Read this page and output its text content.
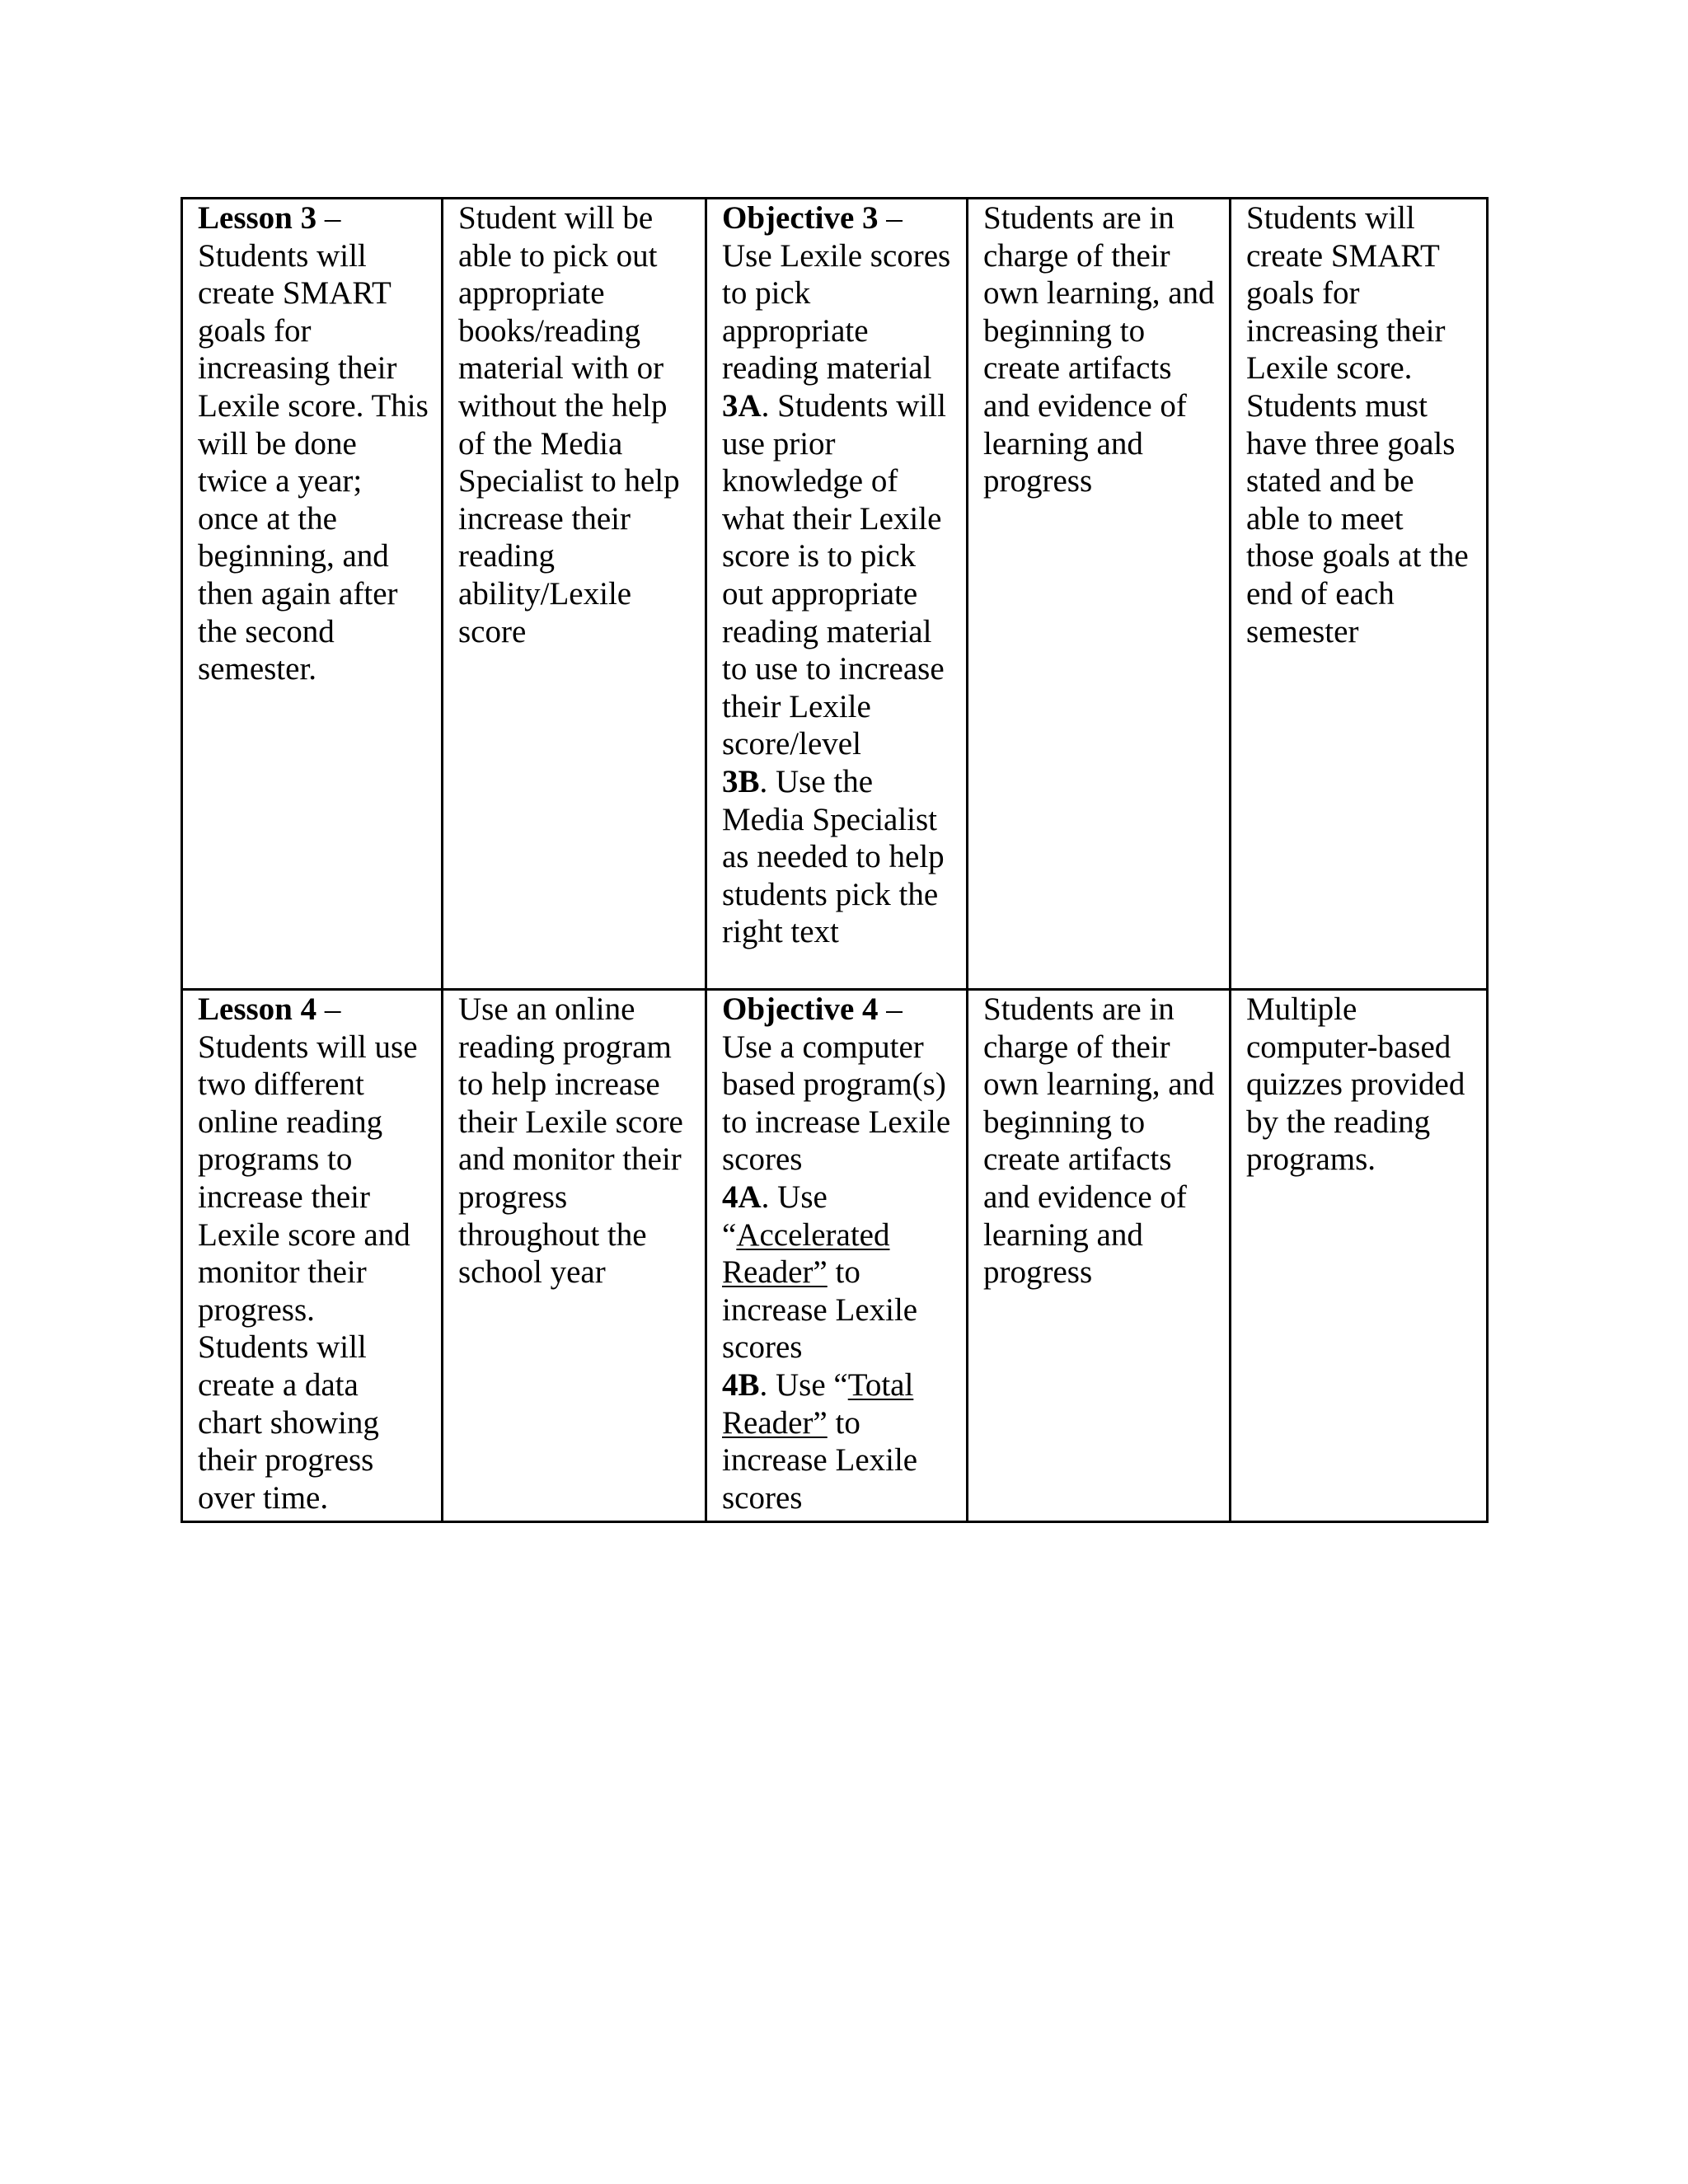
Lesson 3 –
Students will create SMART goals for increasing their Lexile score. This will be done twice a year; once at the beginning, and then again after the second semester.	Student will be able to pick out appropriate books/reading material with or without the help of the Media Specialist to help increase their reading ability/Lexile score	Objective 3 –
Use Lexile scores to pick appropriate reading material
3A. Students will use prior knowledge of what their Lexile score is to pick out appropriate reading material to use to increase their Lexile score/level
3B. Use the Media Specialist as needed to help students pick the right text	Students are in charge of their own learning, and beginning to create artifacts and evidence of learning and progress	Students will create SMART goals for increasing their Lexile score. Students must have three goals stated and be able to meet those goals at the end of each semester
Lesson 4 –
Students will use two different online reading programs to increase their Lexile score and monitor their progress.
Students will create a data chart showing their progress over time.	Use an online reading program to help increase their Lexile score and monitor their progress throughout the school year	Objective 4 –
Use a computer based program(s) to increase Lexile scores
4A. Use “Accelerated Reader” to increase Lexile scores
4B. Use “Total Reader” to increase Lexile scores	Students are in charge of their own learning, and beginning to create artifacts and evidence of learning and progress	Multiple computer-based quizzes provided by the reading programs.
